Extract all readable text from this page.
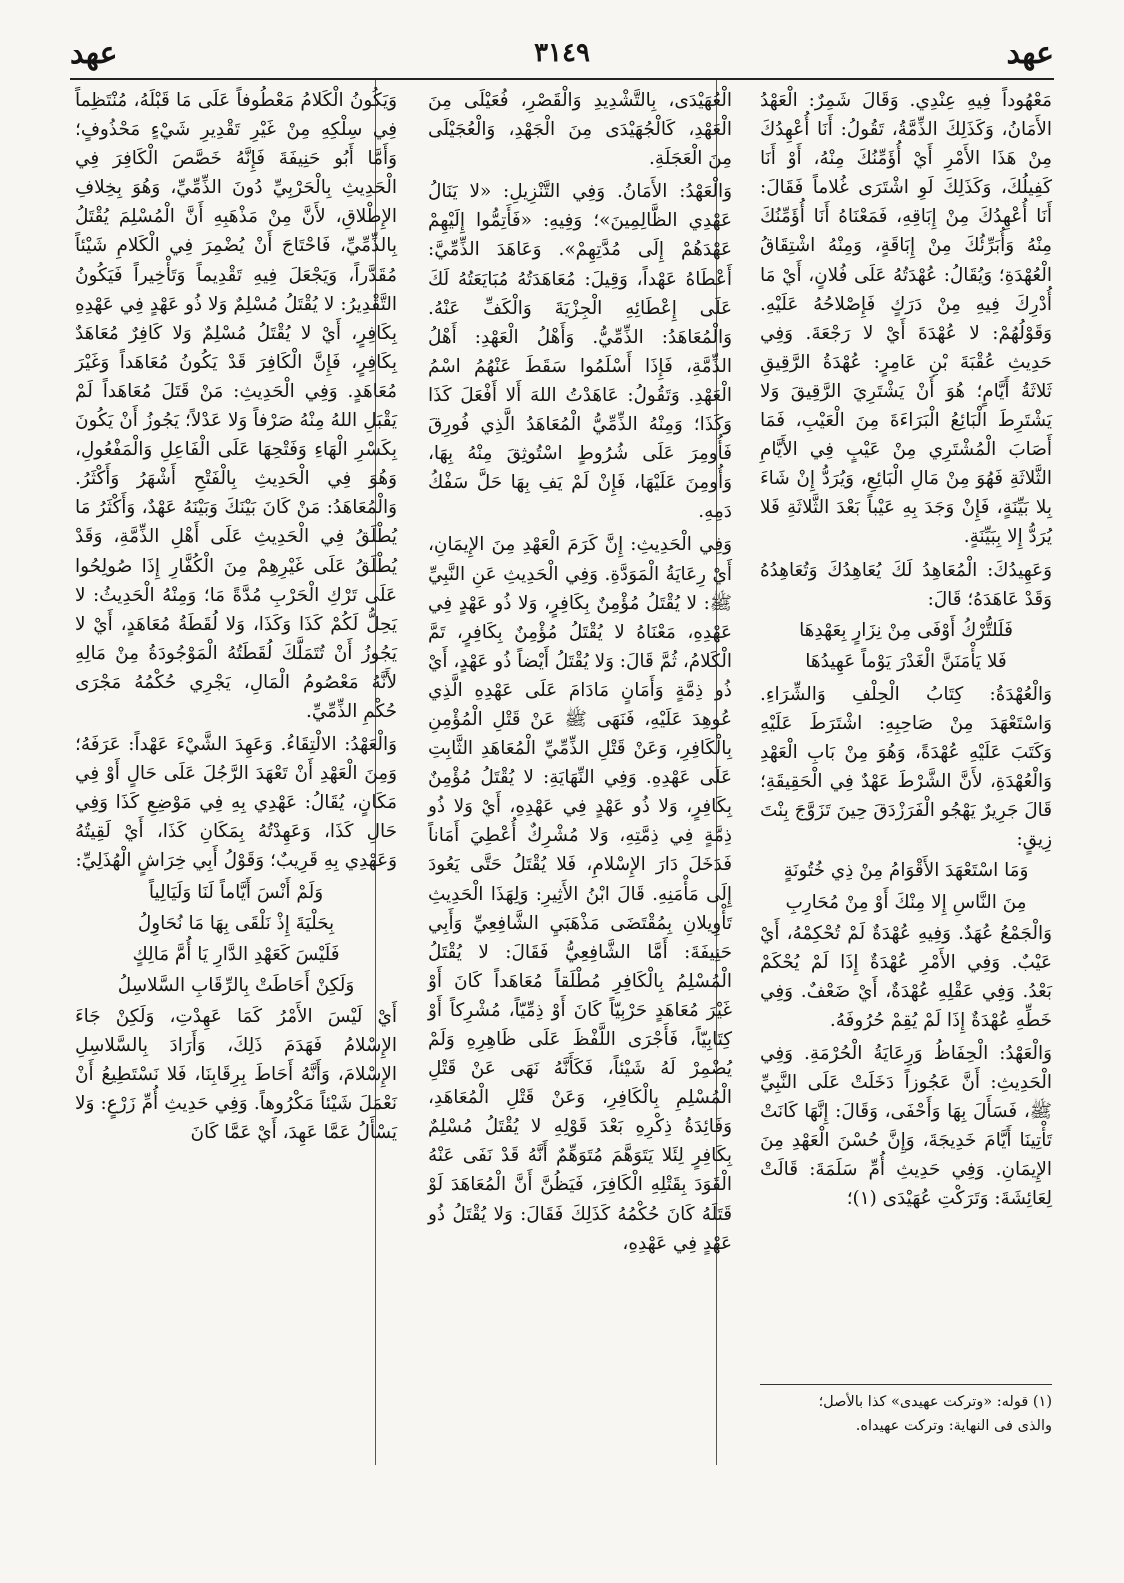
عهد
٣١٤٩
عهد

مَعْهُوداً فِيهِ عِنْدِي. وَقَالَ شَمِرٌ: الْعَهْدُ الأَمَانُ، وَكَذَلِكَ الذِّمَّةُ، تَقُولُ: أَنَا أُعْهِدُكَ مِنْ هَذَا الأَمْرِ أَيْ أُؤَمِّنُكَ مِنْهُ، أَوْ أَنَا كَفِيلُكَ، وَكَذَلِكَ لَوِ اشْتَرَى غُلاماً فَقَالَ: أَنَا أُعْهِدُكَ مِنْ إِبَاقِهِ، فَمَعْنَاهُ أَنَا أُؤَمِّنُكَ مِنْهُ وَأُبَرِّئُكَ مِنْ إِبَاقَةٍ، وَمِنْهُ اشْتِقَاقُ الْعُهْدَةِ؛ وَيُقَالُ: عُهْدَتُهُ عَلَى فُلانٍ، أَيْ مَا أُدْرِكَ فِيهِ مِنْ دَرَكٍ فَإِصْلاحُهُ عَلَيْهِ. وَقَوْلُهُمْ: لا عُهْدَةَ أَيْ لا رَجْعَةَ. وَفِي حَدِيثِ عُقْبَةَ بْنِ عَامِرٍ: عُهْدَةُ الرَّقِيقِ ثَلاثَةُ أَيَّامٍ؛ هُوَ أَنْ يَشْتَرِيَ الرَّقِيقَ وَلا يَشْتَرِطَ الْبَائِعُ الْبَرَاءَةَ مِنَ الْعَيْبِ، فَمَا أَصَابَ الْمُشْتَرِي مِنْ عَيْبٍ فِي الأَيَّامِ الثَّلاثَةِ فَهُوَ مِنْ مَالِ الْبَائِعِ، وَيُرَدُّ إِنْ شَاءَ بِلا بَيِّنَةٍ، فَإِنْ وَجَدَ بِهِ عَيْباً بَعْدَ الثَّلاثَةِ فَلا يُرَدُّ إِلا بِبَيِّنَةٍ.

وَعَهِيدُكَ: الْمُعَاهِدُ لَكَ يُعَاهِدُكَ وَتُعَاهِدُهُ وَقَدْ عَاهَدَهُ؛ قَالَ:

فَلَلتُّرْكُ أَوْفَى مِنْ نِزَارٍ بِعَهْدِهَا

فَلا يَأْمَنَنَّ الْغَدْرَ يَوْماً عَهِيدُهَا

وَالْعُهْدَةُ: كِتَابُ الْحِلْفِ وَالشِّرَاءِ. وَاسْتَعْهَدَ مِنْ صَاحِبِهِ: اشْتَرَطَ عَلَيْهِ وَكَتَبَ عَلَيْهِ عُهْدَةً، وَهُوَ مِنْ بَابِ الْعَهْدِ وَالْعُهْدَةِ، لأَنَّ الشَّرْطَ عَهْدٌ فِي الْحَقِيقَةِ؛ قَالَ جَرِيرٌ يَهْجُو الْفَرَزْدَقَ حِينَ تَزَوَّجَ بِنْتَ زِيقٍ:

وَمَا اسْتَعْهَدَ الأَقْوَامُ مِنْ ذِي خُتُونَةٍ

مِنَ النَّاسِ إِلا مِنْكَ أَوْ مِنْ مُحَارِبِ

وَالْجَمْعُ عُهَدٌ. وَفِيهِ عُهْدَةٌ لَمْ تُحْكِمْهُ، أَيْ عَيْبٌ. وَفِي الأَمْرِ عُهْدَةٌ إِذَا لَمْ يُحْكَمْ بَعْدُ. وَفِي عَقْلِهِ عُهْدَةٌ، أَيْ ضَعْفٌ. وَفِي خَطِّهِ عُهْدَةٌ إِذَا لَمْ يُقِمْ حُرُوفَهُ.

وَالْعَهْدُ: الْحِفَاظُ وَرِعَايَةُ الْحُرْمَةِ. وَفِي الْحَدِيثِ: أَنَّ عَجُوزاً دَخَلَتْ عَلَى النَّبِيِّ ﷺ، فَسَأَلَ بِهَا وَأَحْفَى، وَقَالَ: إِنَّهَا كَانَتْ تَأْتِينَا أَيَّامَ خَدِيجَةَ، وَإِنَّ حُسْنَ الْعَهْدِ مِنَ الإِيمَانِ. وَفِي حَدِيثِ أُمِّ سَلَمَةَ: قَالَتْ لِعَائِشَةَ: وَتَرَكْتِ عُهَيْدَى (١)؛

الْعُهَيْدَى، بِالتَّشْدِيدِ وَالْقَصْرِ، فُعَيْلَى مِنَ الْعَهْدِ، كَالْجُهَيْدَى مِنَ الْجَهْدِ، وَالْعُجَيْلَى مِنَ الْعَجَلَةِ.

وَالْعَهْدُ: الأَمَانُ. وَفِي التَّنْزِيلِ: «لا يَنَالُ عَهْدِي الظَّالِمِينَ»؛ وَفِيهِ: «فَأَتِمُّوا إِلَيْهِمْ عَهْدَهُمْ إِلَى مُدَّتِهِمْ». وَعَاهَدَ الذِّمِّيَّ: أَعْطَاهُ عَهْداً، وَقِيلَ: مُعَاهَدَتُهُ مُبَايَعَتُهُ لَكَ عَلَى إِعْطَائِهِ الْجِزْيَةَ وَالْكَفِّ عَنْهُ. وَالْمُعَاهَدُ: الذِّمِّيُّ. وَأَهْلُ الْعَهْدِ: أَهْلُ الذِّمَّةِ، فَإِذَا أَسْلَمُوا سَقَطَ عَنْهُمُ اسْمُ الْعَهْدِ. وَتَقُولُ: عَاهَدْتُ اللهَ أَلا أَفْعَلَ كَذَا وَكَذَا؛ وَمِنْهُ الذِّمِّيُّ الْمُعَاهَدُ الَّذِي فُورِقَ فَأُومِرَ عَلَى شُرُوطٍ اسْتُوثِقَ مِنْهُ بِهَا، وَأُومِنَ عَلَيْهَا، فَإِنْ لَمْ يَفِ بِهَا حَلَّ سَفْكُ دَمِهِ.

وَفِي الْحَدِيثِ: إِنَّ كَرَمَ الْعَهْدِ مِنَ الإِيمَانِ، أَيْ رِعَايَةُ الْمَوَدَّةِ. وَفِي الْحَدِيثِ عَنِ النَّبِيِّ ﷺ: لا يُقْتَلُ مُؤْمِنٌ بِكَافِرٍ، وَلا ذُو عَهْدٍ فِي عَهْدِهِ، مَعْنَاهُ لا يُقْتَلُ مُؤْمِنٌ بِكَافِرٍ، تَمَّ الْكَلامُ، ثُمَّ قَالَ: وَلا يُقْتَلُ أَيْضاً ذُو عَهْدٍ، أَيْ ذُو ذِمَّةٍ وَأَمَانٍ مَادَامَ عَلَى عَهْدِهِ الَّذِي عُوهِدَ عَلَيْهِ، فَنَهَى ﷺ عَنْ قَتْلِ الْمُؤْمِنِ بِالْكَافِرِ، وَعَنْ قَتْلِ الذِّمِّيِّ الْمُعَاهَدِ الثَّابِتِ عَلَى عَهْدِهِ. وَفِي النِّهَايَةِ: لا يُقْتَلُ مُؤْمِنٌ بِكَافِرٍ، وَلا ذُو عَهْدٍ فِي عَهْدِهِ، أَيْ وَلا ذُو ذِمَّةٍ فِي ذِمَّتِهِ، وَلا مُشْرِكٌ أُعْطِيَ أَمَاناً فَدَخَلَ دَارَ الإِسْلامِ، فَلا يُقْتَلُ حَتَّى يَعُودَ إِلَى مَأْمَنِهِ. قَالَ ابْنُ الأَثِيرِ: وَلِهَذَا الْحَدِيثِ تَأْوِيلانِ بِمُقْتَضَى مَذْهَبَيِ الشَّافِعِيِّ وَأَبِي حَنِيفَةَ: أَمَّا الشَّافِعِيُّ فَقَالَ: لا يُقْتَلُ الْمُسْلِمُ بِالْكَافِرِ مُطْلَقاً مُعَاهَداً كَانَ أَوْ غَيْرَ مُعَاهَدٍ حَرْبِيّاً كَانَ أَوْ ذِمِّيّاً، مُشْرِكاً أَوْ كِتَابِيّاً، فَأَجْرَى اللَّفْظَ عَلَى ظَاهِرِهِ وَلَمْ يُضْمِرْ لَهُ شَيْئاً، فَكَأَنَّهُ نَهَى عَنْ قَتْلِ الْمُسْلِمِ بِالْكَافِرِ، وَعَنْ قَتْلِ الْمُعَاهَدِ، وَفَائِدَةُ ذِكْرِهِ بَعْدَ قَوْلِهِ لا يُقْتَلُ مُسْلِمٌ بِكَافِرٍ لِئَلا يَتَوَهَّمَ مُتَوَهِّمٌ أَنَّهُ قَدْ نَفَى عَنْهُ الْقَوَدَ بِقَتْلِهِ الْكَافِرَ، فَيَظُنَّ أَنَّ الْمُعَاهَدَ لَوْ قَتَلَهُ كَانَ حُكْمُهُ كَذَلِكَ فَقَالَ: وَلا يُقْتَلُ ذُو عَهْدٍ فِي عَهْدِهِ،

وَيَكُونُ الْكَلامُ مَعْطُوفاً عَلَى مَا قَبْلَهُ، مُنْتَظِماً فِي سِلْكِهِ مِنْ غَيْرِ تَقْدِيرِ شَيْءٍ مَحْذُوفٍ؛ وَأَمَّا أَبُو حَنِيفَةَ فَإِنَّهُ خَصَّصَ الْكَافِرَ فِي الْحَدِيثِ بِالْحَرْبِيِّ دُونَ الذِّمِّيِّ، وَهُوَ بِخِلافِ الإِطْلاقِ، لأَنَّ مِنْ مَذْهَبِهِ أَنَّ الْمُسْلِمَ يُقْتَلُ بِالذِّمِّيِّ، فَاحْتَاجَ أَنْ يُضْمِرَ فِي الْكَلامِ شَيْئاً مُقَدَّراً، وَيَجْعَلَ فِيهِ تَقْدِيماً وَتَأْخِيراً فَيَكُونُ التَّقْدِيرُ: لا يُقْتَلُ مُسْلِمٌ وَلا ذُو عَهْدٍ فِي عَهْدِهِ بِكَافِرٍ، أَيْ لا يُقْتَلُ مُسْلِمٌ وَلا كَافِرٌ مُعَاهَدٌ بِكَافِرٍ، فَإِنَّ الْكَافِرَ قَدْ يَكُونُ مُعَاهَداً وَغَيْرَ مُعَاهَدٍ. وَفِي الْحَدِيثِ: مَنْ قَتَلَ مُعَاهَداً لَمْ يَقْبَلِ اللهُ مِنْهُ صَرْفاً وَلا عَدْلاً؛ يَجُوزُ أَنْ يَكُونَ بِكَسْرِ الْهَاءِ وَفَتْحِهَا عَلَى الْفَاعِلِ وَالْمَفْعُولِ، وَهُوَ فِي الْحَدِيثِ بِالْفَتْحِ أَشْهَرُ وَأَكْثَرُ. وَالْمُعَاهَدُ: مَنْ كَانَ بَيْنَكَ وَبَيْنَهُ عَهْدٌ، وَأَكْثَرُ مَا يُطْلَقُ فِي الْحَدِيثِ عَلَى أَهْلِ الذِّمَّةِ، وَقَدْ يُطْلَقُ عَلَى غَيْرِهِمْ مِنَ الْكُفَّارِ إِذَا صُولِحُوا عَلَى تَرْكِ الْحَرْبِ مُدَّةً مَا؛ وَمِنْهُ الْحَدِيثُ: لا يَحِلُّ لَكُمْ كَذَا وَكَذَا، وَلا لُقَطَةُ مُعَاهَدٍ، أَيْ لا يَجُوزُ أَنْ تُتَمَلَّكَ لُقَطَتُهُ الْمَوْجُودَةُ مِنْ مَالِهِ لأَنَّهُ مَعْصُومُ الْمَالِ، يَجْرِي حُكْمُهُ مَجْرَى حُكْمِ الذِّمِّيِّ.

وَالْعَهْدُ: الالْتِقَاءُ. وَعَهِدَ الشَّيْءَ عَهْداً: عَرَفَهُ؛ وَمِنَ الْعَهْدِ أَنْ تَعْهَدَ الرَّجُلَ عَلَى حَالٍ أَوْ فِي مَكَانٍ، يُقَالُ: عَهْدِي بِهِ فِي مَوْضِعِ كَذَا وَفِي حَالِ كَذَا، وَعَهِدْتُهُ بِمَكَانِ كَذَا، أَيْ لَقِيتُهُ وَعَهْدِي بِهِ قَرِيبٌ؛ وَقَوْلُ أَبِي خِرَاشٍ الْهُذَلِيِّ:

وَلَمْ أَنْسَ أَيَّاماً لَنَا وَلَيَالِياً

بِحَلْيَةَ إِذْ نَلْقَى بِهَا مَا نُحَاوِلُ

فَلَيْسَ كَعَهْدِ الدَّارِ يَا أُمَّ مَالِكٍ

وَلَكِنْ أَحَاطَتْ بِالرِّقَابِ السَّلاسِلُ

أَيْ لَيْسَ الأَمْرُ كَمَا عَهِدْتِ، وَلَكِنْ جَاءَ الإِسْلامُ فَهَدَمَ ذَلِكَ، وَأَرَادَ بِالسَّلاسِلِ الإِسْلامَ، وَأَنَّهُ أَحَاطَ بِرِقَابِنَا، فَلا نَسْتَطِيعُ أَنْ نَعْمَلَ شَيْئاً مَكْرُوهاً. وَفِي حَدِيثِ أُمِّ زَرْعٍ: وَلا يَسْأَلُ عَمَّا عَهِدَ، أَيْ عَمَّا كَانَ

(١) قوله: «وتركت عهيدى» كذا بالأصل؛

والذى فى النهاية: وتركت عهيداه.
